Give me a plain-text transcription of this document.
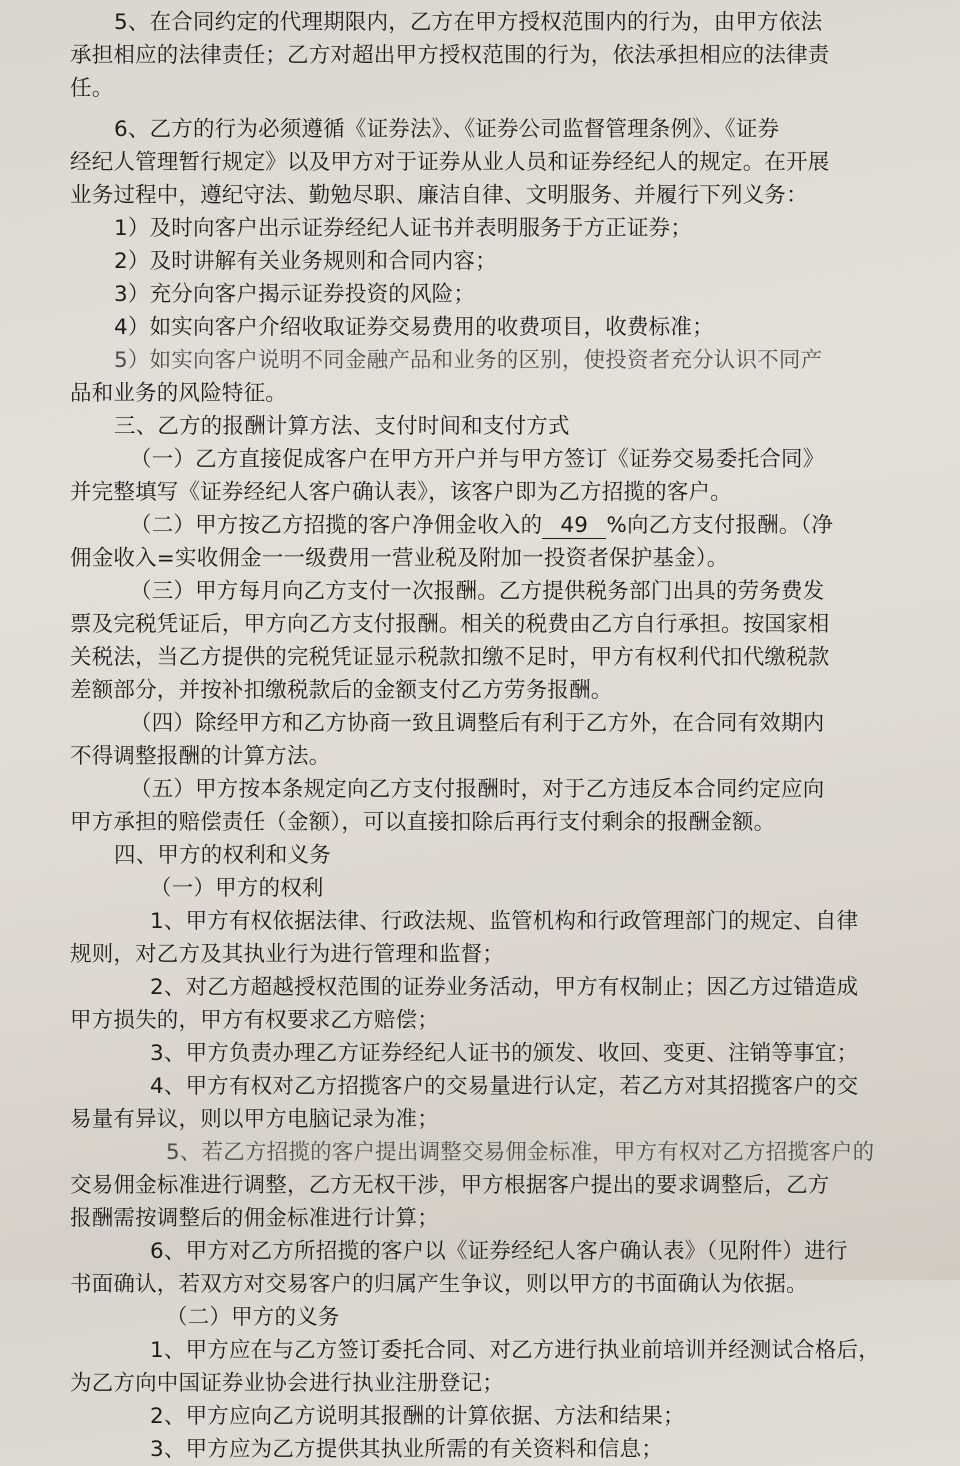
5、在合同约定的代理期限内，乙方在甲方授权范围内的行为，由甲方依法

承担相应的法律责任；乙方对超出甲方授权范围的行为，依法承担相应的法律责

任。

6、乙方的行为必须遵循《证券法》、《证券公司监督管理条例》、《证券

经纪人管理暂行规定》以及甲方对于证券从业人员和证券经纪人的规定。在开展

业务过程中，遵纪守法、勤勉尽职、廉洁自律、文明服务、并履行下列义务：

1）及时向客户出示证券经纪人证书并表明服务于方正证券；

2）及时讲解有关业务规则和合同内容；

3）充分向客户揭示证券投资的风险；

4）如实向客户介绍收取证券交易费用的收费项目，收费标准；

5）如实向客户说明不同金融产品和业务的区别，使投资者充分认识不同产

品和业务的风险特征。

三、乙方的报酬计算方法、支付时间和支付方式

（一）乙方直接促成客户在甲方开户并与甲方签订《证券交易委托合同》

并完整填写《证券经纪人客户确认表》，该客户即为乙方招揽的客户。

（二）甲方按乙方招揽的客户净佣金收入的 49 %向乙方支付报酬。（净

佣金收入=实收佣金一一级费用一营业税及附加一投资者保护基金）。

（三）甲方每月向乙方支付一次报酬。乙方提供税务部门出具的劳务费发

票及完税凭证后，甲方向乙方支付报酬。相关的税费由乙方自行承担。按国家相

关税法，当乙方提供的完税凭证显示税款扣缴不足时，甲方有权利代扣代缴税款

差额部分，并按补扣缴税款后的金额支付乙方劳务报酬。

（四）除经甲方和乙方协商一致且调整后有利于乙方外，在合同有效期内

不得调整报酬的计算方法。

（五）甲方按本条规定向乙方支付报酬时，对于乙方违反本合同约定应向

甲方承担的赔偿责任（金额），可以直接扣除后再行支付剩余的报酬金额。

四、甲方的权利和义务

（一）甲方的权利

1、甲方有权依据法律、行政法规、监管机构和行政管理部门的规定、自律

规则，对乙方及其执业行为进行管理和监督；

2、对乙方超越授权范围的证券业务活动，甲方有权制止；因乙方过错造成

甲方损失的，甲方有权要求乙方赔偿；

3、甲方负责办理乙方证券经纪人证书的颁发、收回、变更、注销等事宜；

4、甲方有权对乙方招揽客户的交易量进行认定，若乙方对其招揽客户的交

易量有异议，则以甲方电脑记录为准；

5、若乙方招揽的客户提出调整交易佣金标准，甲方有权对乙方招揽客户的

交易佣金标准进行调整，乙方无权干涉，甲方根据客户提出的要求调整后，乙方

报酬需按调整后的佣金标准进行计算；

6、甲方对乙方所招揽的客户以《证券经纪人客户确认表》（见附件）进行

书面确认，若双方对交易客户的归属产生争议，则以甲方的书面确认为依据。

（二）甲方的义务

1、甲方应在与乙方签订委托合同、对乙方进行执业前培训并经测试合格后，

为乙方向中国证券业协会进行执业注册登记；

2、甲方应向乙方说明其报酬的计算依据、方法和结果；

3、甲方应为乙方提供其执业所需的有关资料和信息；
